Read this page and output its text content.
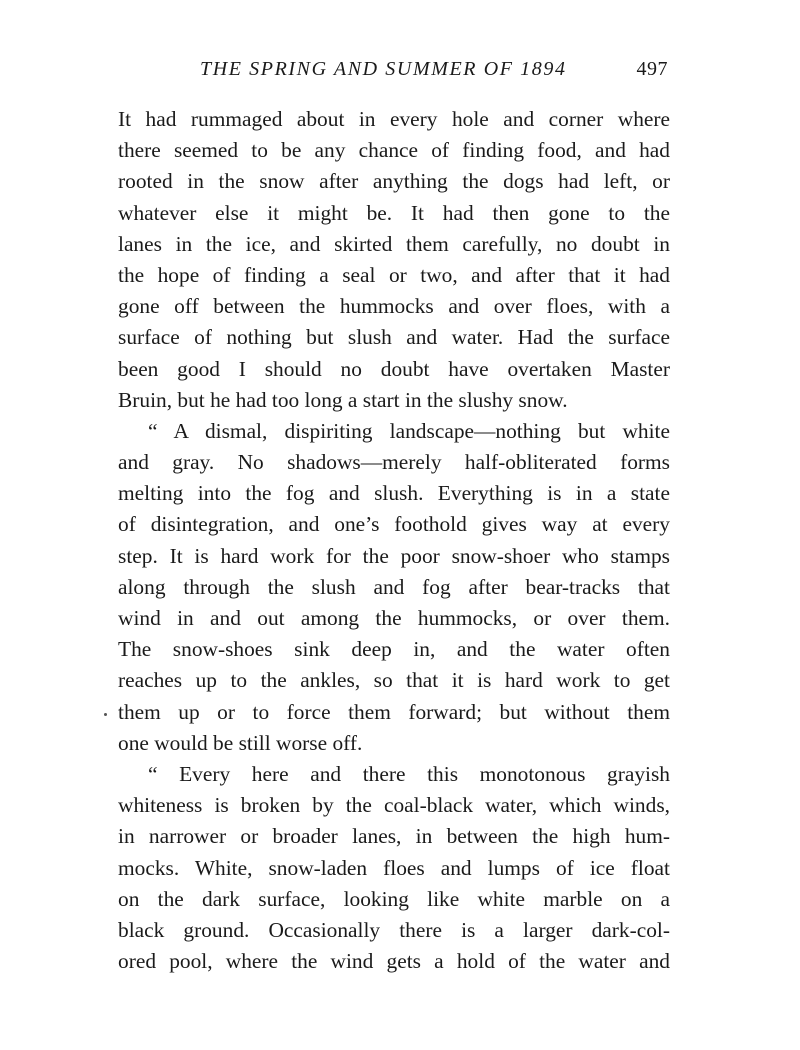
THE SPRING AND SUMMER OF 1894	497
It had rummaged about in every hole and corner where
there seemed to be any chance of finding food, and had
rooted in the snow after anything the dogs had left, or
whatever else it might be. It had then gone to the
lanes in the ice, and skirted them carefully, no doubt in
the hope of finding a seal or two, and after that it had
gone off between the hummocks and over floes, with a
surface of nothing but slush and water. Had the surface
been good I should no doubt have overtaken Master
Bruin, but he had too long a start in the slushy snow.
“ A dismal, dispiriting landscape—nothing but white
and gray. No shadows—merely half-obliterated forms
melting into the fog and slush. Everything is in a state
of disintegration, and one’s foothold gives way at every
step. It is hard work for the poor snow-shoer who stamps
along through the slush and fog after bear-tracks that
wind in and out among the hummocks, or over them.
The snow-shoes sink deep in, and the water often
reaches up to the ankles, so that it is hard work to get
them up or to force them forward; but without them
one would be still worse off.
“ Every here and there this monotonous grayish
whiteness is broken by the coal-black water, which winds,
in narrower or broader lanes, in between the high hum-
mocks. White, snow-laden floes and lumps of ice float
on the dark surface, looking like white marble on a
black ground. Occasionally there is a larger dark-col-
ored pool, where the wind gets a hold of the water and
